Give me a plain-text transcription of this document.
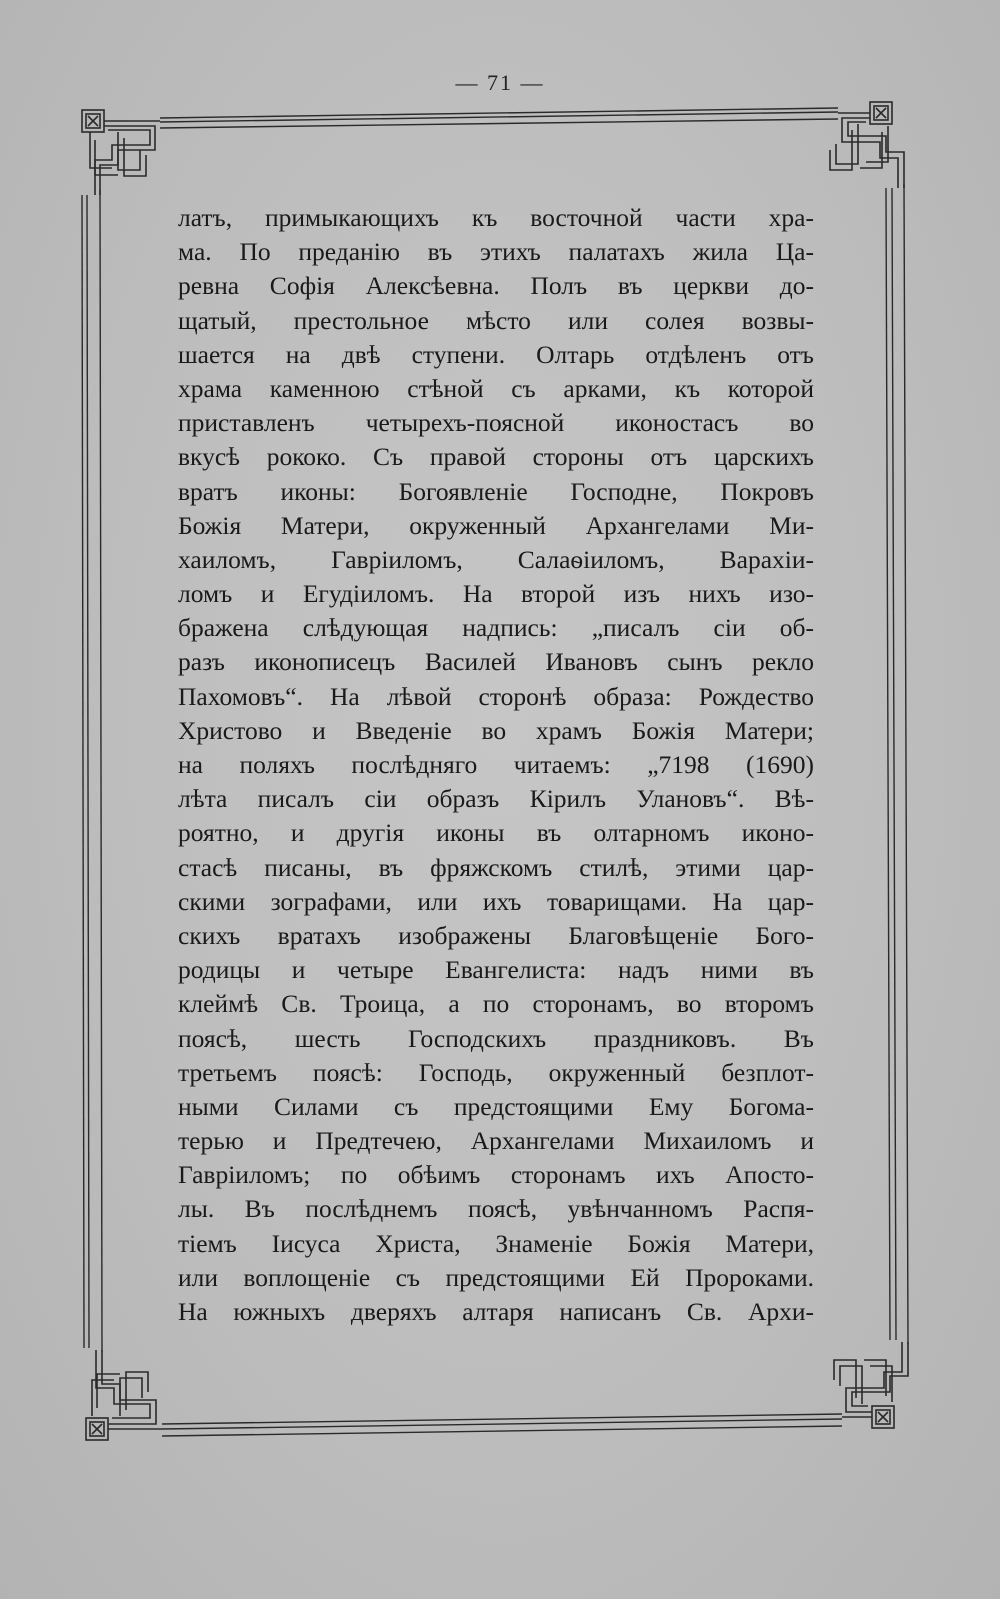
— 71 —
латъ, примыкающихъ къ восточной части хра-
ма. По преданію въ этихъ палатахъ жила Ца-
ревна Софія Алексѣевна. Полъ въ церкви до-
щатый, престольное мѣсто или солея возвы-
шается на двѣ ступени. Олтарь отдѣленъ отъ
храма каменною стѣной съ арками, къ которой
приставленъ четырехъ-поясной иконостасъ во
вкусѣ рококо. Съ правой стороны отъ царскихъ
вратъ иконы: Богоявленіе Господне, Покровъ
Божія Матери, окруженный Архангелами Ми-
хаиломъ, Гавріиломъ, Салаѳіиломъ, Варахіи-
ломъ и Егудіиломъ. На второй изъ нихъ изо-
бражена слѣдующая надпись: „писалъ сіи об-
разъ иконописецъ Василей Ивановъ сынъ рекло
Пахомовъ“. На лѣвой сторонѣ образа: Рождество
Христово и Введеніе во храмъ Божія Матери;
на поляхъ послѣдняго читаемъ: „7198 (1690)
лѣта писалъ сіи образъ Кірилъ Улановъ“. Вѣ-
роятно, и другія иконы въ олтарномъ иконо-
стасѣ писаны, въ фряжскомъ стилѣ, этими цар-
скими зографами, или ихъ товарищами. На цар-
скихъ вратахъ изображены Благовѣщеніе Бого-
родицы и четыре Евангелиста: надъ ними въ
клеймѣ Св. Троица, а по сторонамъ, во второмъ
поясѣ, шесть Господскихъ праздниковъ. Въ
третьемъ поясѣ: Господь, окруженный безплот-
ными Силами съ предстоящими Ему Богома-
терью и Предтечею, Архангелами Михаиломъ и
Гавріиломъ; по обѣимъ сторонамъ ихъ Апосто-
лы. Въ послѣднемъ поясѣ, увѣнчанномъ Распя-
тіемъ Іисуса Христа, Знаменіе Божія Матери,
или воплощеніе съ предстоящими Ей Пророками.
На южныхъ дверяхъ алтаря написанъ Св. Архи-
